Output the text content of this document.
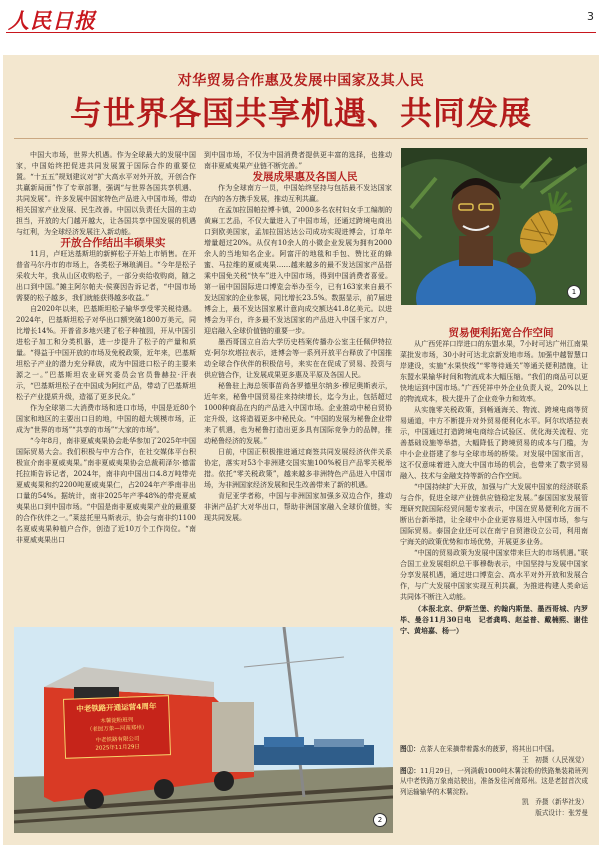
人民日报	3
对华贸易合作惠及发展中国家及其人民
与世界各国共享机遇、共同发展

中国大市场，世界大机遇。作为全球最大的发展中国家，中国始终把促进共同发展置于国际合作的重要位置。“十五五”规划建议对“扩大高水平对外开放，开创合作共赢新局面”作了专章部署，强调“与世界各国共享机遇、共同发展”。许多发展中国家特色产品进入中国市场，带动相关国家产业发展、民生改善。中国以负责任大国的主动担当，开放的大门越开越大，让各国共享中国发展的机遇与红利，为全球经济发展注入新动能。

开放合作结出丰硕果实

11月，卢旺达基斯坦的新鲜松子开始上市销售。在开普省马尔丹市的市场上，各类松子琳琅满目。“今年是松子采收大年，我从山区收购松子，一部分卖给收购商，随之出口到中国。”摊主阿尔帕夫·侯赛因告诉记者，“中国市场需要的松子越多，我们就能获得越多收益。”

自2020年以来，巴基斯坦松子输华享受零关税待遇。2024年，巴基斯坦松子对华出口额突破1800万美元，同比增长14%。开普省多地兴建了松子种植园，开从中国引进松子加工和分类机器，进一步提升了松子的产量和质量。“得益于中国开放的市场及免税政策，近年来，巴基斯坦松子产业的潜力充分释放，成为中国进口松子的主要来源之一。”巴基斯坦农业研究委员会官员鲁赫拉·汗表示，“巴基斯坦松子在中国成为阿红产品，带动了巴基斯坦松子产业提质升级，造福了更多民众。”

作为全球第二大消费市场和进口市场，中国是近80个国家和地区的主要出口目的地，中国的超大规模市场，正成为“世界的市场”“共享的市场”“大家的市场”。

“今年8月，南非夏威夷果协会赴华参加了2025年中国国际贸易大会。我们积极与中方合作，在社交媒体平台积极宣介南非夏威夷果。”南非夏威夷果协会总裁莉泽尔·德雷托拉斯告诉记者，2024年，南非向中国出口4.8万吨带壳夏威夷果和约2200吨夏威夷果仁，占2024年产季南非出口量的54%。据统计，南非2025年产季48%的带壳夏威夷果出口到中国市场。“中国是南非夏威夷果产业的最重要的合作伙伴之一。”莱兹托里马斯表示，协会与南非约1100名夏威夷果种植户合作，创造了近10万个工作岗位。“南非夏威夷果出口

到中国市场，不仅为中国消费者提供更丰富的选择，也推动南非夏威夷果产业链不断完善。”

发展成果惠及各国人民

作为全球南方一员，中国始终坚持与包括最不发达国家在内的各方携手发展，推动互利共赢。

在孟加拉国帕拉博卡镇，2000多名农村妇女手工编制的黄麻工艺品，不仅大量进入了中国市场，还通过跨境电商出口到欧美国家，孟加拉国达达公司成功实现进博会，订单年增量超过20%。从仅有10余人的小微企业发展为拥有2000余人的当地知名企业。阿富汗的地毯和手包、赞比亚的蜂蜜、马拉维的夏威夷果……越来越多的最不发达国家产品搭乘中国免关税“快车”进入中国市场，得到中国消费者喜爱。第一届中国国际进口博览会举办至今，已有163家来自最不发达国家的企业参展，同比增长23.5%。数据显示，前7届进博会上，最不发达国家累计意向成交额达41.8亿美元。以进博会为平台，许多最不发达国家的产品进入中国千家万户，迎启融入全球价值链的重要一步。

墨西哥国立自治大学历史档案传播办公室主任佩伊特拉克·阿尔坎塔拉表示，进博会等一系列开放平台释放了中国推动全球合作伙伴的积极信号，来实在在促成了贸易、投资与供应链合作，让发展成果更多惠及平原及各国人民。

秘鲁驻上海总领事苗尚各罗德里尔纳多·穆尼奥斯表示，近年来，秘鲁中国贸易往来持续增长，迄今为止，包括超过1000种商品在内的产品进入中国市场。企业推动中秘自贸协定升级，这将造福更多中秘民众。“中国的发展为秘鲁企业带来了机遇，也为秘鲁打造出更多具有国际竞争力的品牌，推动秘鲁经济的发展。”

日前，中国正积极推进通过商签共同发展经济伙伴关系协定，落实对53个非洲建交国实施100%税目产品零关税举措。依托“零关税政策”，越来越多非洲特色产品进入中国市场，为非洲国家经济发展和民生改善带来了新的机遇。

肯尼亚学者称，中国与非洲国家加强多双边合作，推动非洲产品扩大对华出口，帮助非洲国家融入全球价值链，实现共同发展。

1

贸易便利拓宽合作空间

从广西凭祥口岸进口的东盟水果，7小时可达广州江南果菜批发市场，30小时可达北京新发地市场。加强中越智慧口岸建设，实施“水果快线”“零等待通关”等通关便利措施，让东盟水果输华时间和物流成本大幅压缩。“我们的商品可以更快地运到中国市场。”广西凭祥中外企业负责人说，20%以上的物流成本，极大提升了企业竞争力和效率。

从实施零关税政策，到畅通海关、物流、跨境电商等贸易通道，中方不断提升对外贸易便利化水平。阿尔坎塔拉表示，中国通过打造跨境电商综合试验区、优化海关流程、完善基础设施等举措，大幅降低了跨境贸易的成本与门槛，为中小企业搭建了参与全球市场的桥梁。对发展中国家而言，这不仅意味着进入庞大中国市场的机会，也带来了数字贸易融入、技术与金融支持等新的合作空间。

“中国持续扩大开放，加强与广大发展中国家的经济联系与合作，促进全球产业链供应链稳定发展。”泰国国家发展管理研究院国际经贸问题专家表示，中国在贸易便利化方面不断出台新举措，让全球中小企业更容易进入中国市场，参与国际贸易。泰国企业还可以在南宁自贸港设立公司，利用南宁海关的政策优势和市场优势，开展更多业务。

“中国的贸易政策为发展中国家带来巨大的市场机遇。”联合国工业发展组织总干事穆勒表示，中国坚持与发展中国家分享发展机遇，通过进口博览会、高水平对外开放和发展合作，与广大发展中国家实现互利共赢，为推进构建人类命运共同体不断注入动能。

（本报北京、伊斯兰堡、约翰内斯堡、墨西哥城、内罗毕、曼谷11月30日电　记者龚鸣、赵益普、戴楠熙、谢佳宁、黄培嘉、杨一）

图①：点茶人在采摘带着露水的菠萝，将其出口中国。

王　初摄（人民视觉）

图②：11月29日，一列满载1000吨木薯淀粉的铁路集装箱班列从中老铁路万象南站驶出，准备发往河南郑州。这是老挝首次成列运输输华的木薯淀粉。

凯　乔摄（新华社发）

版式设计：张芳曼

中老铁路开通运营4周年
木薯淀粉班列
（老挝万象—河南郑州）
中老铁路有限公司
2025年11月29日
2
